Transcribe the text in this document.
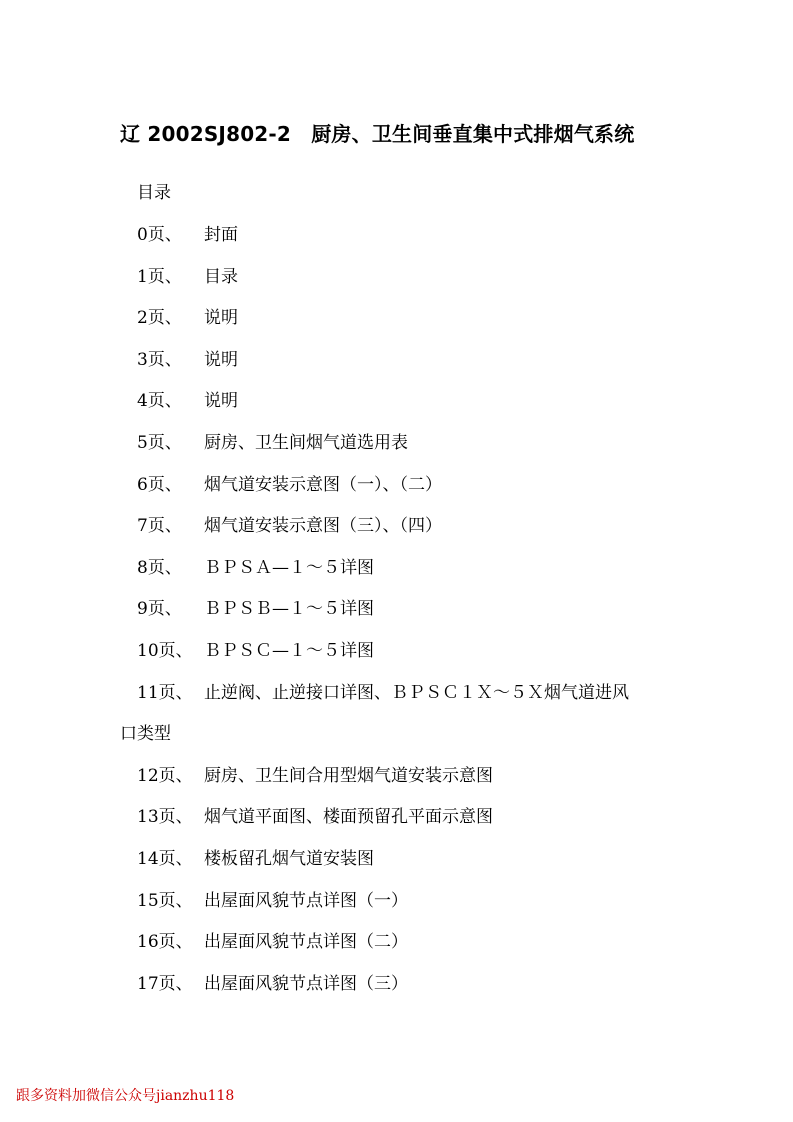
辽 2002SJ802-2　厨房、卫生间垂直集中式排烟气系统
目录
0页、 封面
1页、 目录
2页、 说明
3页、 说明
4页、 说明
5页、 厨房、卫生间烟气道选用表
6页、 烟气道安装示意图（一）、（二）
7页、 烟气道安装示意图（三）、（四）
8页、 ＢＰＳＡ—１～５详图
9页、 ＢＰＳＢ—１～５详图
10页、 ＢＰＳＣ—１～５详图
11页、 止逆阀、止逆接口详图、ＢＰＳＣ１Ｘ～５Ｘ烟气道进风
口类型
12页、 厨房、卫生间合用型烟气道安装示意图
13页、 烟气道平面图、楼面预留孔平面示意图
14页、 楼板留孔烟气道安装图
15页、 出屋面风貌节点详图（一）
16页、 出屋面风貌节点详图（二）
17页、 出屋面风貌节点详图（三）
跟多资料加微信公众号jianzhu118
